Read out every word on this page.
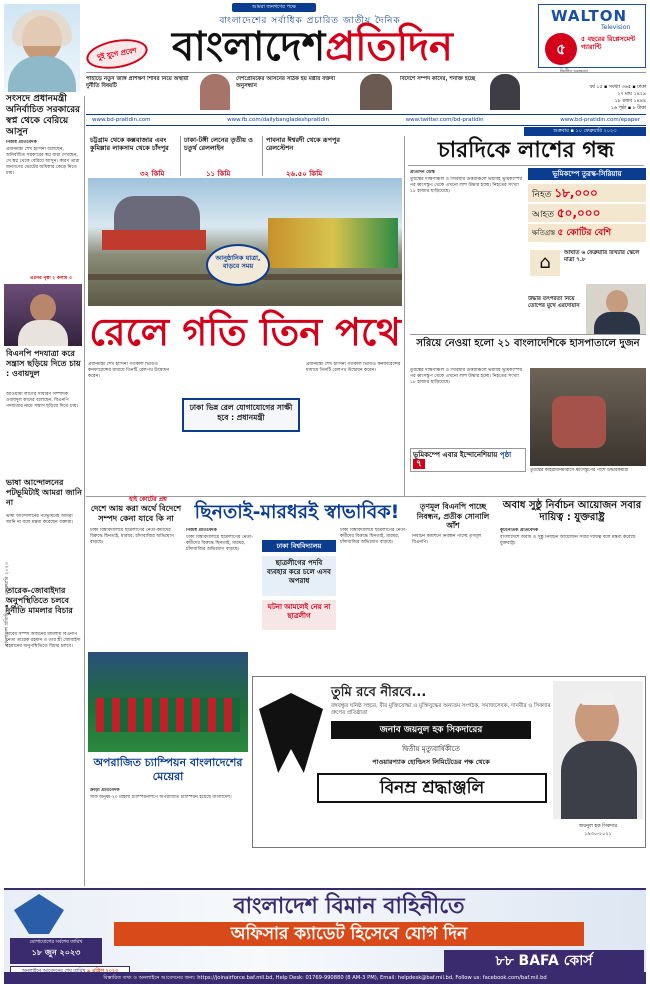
আমরা জনগণের পক্ষে
বাংলাদেশের সর্বাধিক প্রচারিত জাতীয় দৈনিক
দুই যুগে প্রবেশ বাংলাদেশপ্রতিদিন
WALTON
Television
৫
৫ বছরের রিপ্লেসমেন্ট গ্যারান্টি
পাহাড়ে নতুন জঙ্গি প্রশিক্ষণ শিবির নিয়ে অস্থায়ী দুর্নীতি বিষয়টি
দেশপ্রেমিকের আসনের সঠিক হয় মন্ত্রীর বক্তব্য অনুসন্ধান
বিদেশে সম্পদ কাদের, শনাক্ত হচ্ছে
বর্ষ ১৫ ▪ সংখ্যা ৩৬৫ ▪ ঢাকা
২৭ মাঘ ১৪২৯
১৮ রজব ১৪৪৪
১৬ পৃষ্ঠা ▪ ৮ টাকা
www.bd-pratidin.com	www.fb.com/dailybangladeshpratidin	www.twitter.com/bd-pratidin	www.bd-pratidin.com/epaper
শুক্রবার ▪ ১০ ফেব্রুয়ারি ২০২৩
সংসদে প্রধানমন্ত্রী অনির্বাচিত সরকারের স্বপ্ন থেকে বেরিয়ে আসুন
নিজস্ব প্রতিবেদক
প্রধানমন্ত্রী শেখ হাসিনা বলেছেন, অনির্বাচিত সরকারের স্বপ্ন যারা দেখছেন, সে স্বপ্ন থেকে বেরিয়ে আসুন। কারণ তারা জনগণের ভোটের অধিকার কেড়ে নিতে চায়।
এরপর পৃষ্ঠা ২ কলাম ৩
বিএনপি পদযাত্রা করে সন্ত্রাস ছড়িয়ে দিতে চায় : ওবায়দুল
আওয়ামী লীগের সাধারণ সম্পাদক ওবায়দুল কাদের বলেছেন, বিএনপি পদযাত্রার নামে সন্ত্রাস ছড়িয়ে দিতে চায়।
ভাষা আন্দোলনের পটভূমিটাই আমরা জানি না
ভাষা আন্দোলনের পটভূমিটাই আমরা জানি না বলে মন্তব্য করেছেন বক্তারা।
তারেক-জোবাইদার অনুপস্থিতিতে চলবে দুর্নীতি মামলার বিচার
অবৈধ সম্পদ অর্জনের মামলায় বিএনপি নেতা তারেক রহমান ও তার স্ত্রী জোবাইদা রহমানের অনুপস্থিতিতে বিচার চলবে।
বাংলাদেশ প্রতিদিন ▪ ১০ ফেব্রুয়ারি ২০২৩
চট্টগ্রাম থেকে কক্সবাজার এবং কুমিল্লার লাকসাম থেকে চাঁদপুর
৩২ কিমি
ঢাকা-টঙ্গী লেনের তৃতীয় ও চতুর্থ রেললাইন
১১ কিমি
পাবনার ঈশ্বরদী থেকে রূপপুর রেলস্টেশন
২৬.৫০ কিমি
আনুষ্ঠানিক যাত্রা, বাড়বে সময়
রেলে গতি তিন পথে
ঢাকা ভিন্ন রেল যোগাযোগের সাক্ষী হবে : প্রধানমন্ত্রী
প্রধানমন্ত্রী শেখ হাসিনা গতকাল ভিডিও কনফারেন্সের মাধ্যমে তিনটি রেলপথ উদ্বোধন করেন।
প্রধানমন্ত্রী শেখ হাসিনা গতকাল ভিডিও কনফারেন্সের মাধ্যমে তিনটি রেলপথ উদ্বোধন করেন।
চারদিকে লাশের গন্ধ
প্রতিদিন ডেস্ক
তুরস্কের দক্ষিণাঞ্চল ও সিরিয়ার উত্তরাঞ্চলে ভয়াবহ ভূমিকম্পের পর ধ্বংসস্তূপ থেকে এখনো লাশ উদ্ধার হচ্ছে। নিহতের সংখ্যা ১৮ হাজার ছাড়িয়েছে।
ভূমিকম্পে তুরস্ক-সিরিয়ায়
নিহত ১৮,০০০
আহত ৫০,০০০
ক্ষতিগ্রস্ত ৫ কোটির বেশি
⌂	আঘাত ৬ ফেব্রুয়ারি রিখটার স্কেলে মাত্রা ৭.৮
উদ্ধার তৎপরতা নিয়ে তোপের মুখে এরদোয়ান
সরিয়ে নেওয়া হলো ২১ বাংলাদেশিকে হাসপাতালে দুজন
তুরস্কের দক্ষিণাঞ্চল ও সিরিয়ার উত্তরাঞ্চলে ভয়াবহ ভূমিকম্পের পর ধ্বংসস্তূপ থেকে এখনো লাশ উদ্ধার হচ্ছে। নিহতের সংখ্যা ১৮ হাজার ছাড়িয়েছে।
ভূমিকম্পে এবার ইন্দোনেশিয়ায় পৃষ্ঠা ৭
তুরস্কের কাহরামানমারাসে ধ্বংসস্তূপের পাশে উদ্ধারকর্মীরা
হাই কোর্টের প্রশ্ন
দেশে আয় করা অর্থে বিদেশে সম্পদ কেনা যাবে কি না	ছিনতাই-মারধরই স্বাভাবিক!
নিজস্ব প্রতিবেদক
ঢাকা বিশ্ববিদ্যালয়ে ছাত্রলীগের নেতা-কর্মীদের বিরুদ্ধে ছিনতাই, মারধর, চাঁদাবাজির অভিযোগ বাড়ছে।	ঢাকা বিশ্ববিদ্যালয়
ছাত্রলীগের পদবি ব্যবহার করে চলে এসব অপরাধ
ঘটনা আমলেই নেয় না ছাত্রলীগ
ঢাকা বিশ্ববিদ্যালয়ে ছাত্রলীগের নেতা-কর্মীদের বিরুদ্ধে ছিনতাই, মারধর, চাঁদাবাজির অভিযোগ বাড়ছে।
ঢাকা বিশ্ববিদ্যালয়ে ছাত্রলীগের নেতা-কর্মীদের বিরুদ্ধে ছিনতাই, মারধর, চাঁদাবাজির অভিযোগ বাড়ছে।
তৃণমূল বিএনপি পাচ্ছে নিবন্ধন, প্রতীক সোনালি আঁশ
নির্বাচন কমিশনে নিবন্ধন পাচ্ছে তৃণমূল বিএনপি।
অবাধ সুষ্ঠু নির্বাচন আয়োজন সবার দায়িত্ব : যুক্তরাষ্ট্র
কূটনৈতিক প্রতিবেদক
বাংলাদেশে অবাধ ও সুষ্ঠু নির্বাচন আয়োজন সবার দায়িত্ব বলে মন্তব্য করেছে যুক্তরাষ্ট্র।
অপরাজিত চ্যাম্পিয়ন বাংলাদেশের মেয়েরা
ক্রীড়া প্রতিবেদক
সাফ অনূর্ধ্ব-২০ মহিলা চ্যাম্পিয়নশিপে অপরাজিত চ্যাম্পিয়ন হয়েছে বাংলাদেশ।
তুমি রবে নীরবে...
বঙ্গবন্ধুর ঘনিষ্ঠ সহচর, বীর মুক্তিযোদ্ধা ও মুক্তিযুদ্ধের অন্যতম সংগঠক, সমাজসেবক, দানবীর ও সিকদার গ্রুপের প্রতিষ্ঠাতা
জনাব জয়নুল হক সিকদারের
দ্বিতীয় মৃত্যুবার্ষিকীতে
পাওয়ারপ্যাক হোল্ডিংস লিমিটেডের পক্ষ থেকে
বিনম্র শ্রদ্ধাঞ্জলি
জয়নুল হক সিকদার
১৯৩০-২০২১
বাংলাদেশ বিমান বাহিনীতে
অফিসার ক্যাডেট হিসেবে যোগ দিন
যোগাযোগের সর্বশেষ তারিখ
১৮ জুন ২০২৩
৮৮ BAFA কোর্স
বিস্তারিত তথ্য ও অনলাইনে আবেদনের জন্য: https://joinairforce.baf.mil.bd, Help Desk: 01769-990880 (8 AM-3 PM), Email: helpdesk@baf.mil.bd, Follow us: facebook.com/baf.mil.bd
